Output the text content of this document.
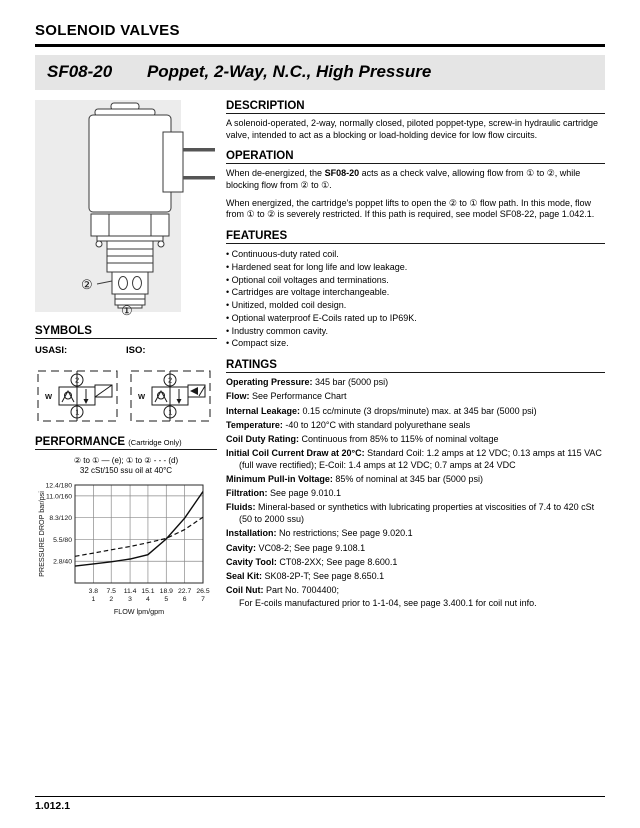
SOLENOID VALVES
SF08-20 Poppet, 2-Way, N.C., High Pressure
②
①
SYMBOLS
USASI:	ISO:
W
2
1
W
2
1
PERFORMANCE (Cartridge Only)
② to ① — (e); ① to ② - - - (d)
32 cSt/150 ssu oil at 40°C
12.4/180
11.0/160
8.3/120
5.5/80
2.8/40
3.8
1
7.5
2
11.4
3
15.1
4
18.9
5
22.7
6
26.5
7
PRESSURE DROP bar/psi
FLOW lpm/gpm
DESCRIPTION

A solenoid-operated, 2-way, normally closed, piloted poppet-type, screw-in hydraulic cartridge valve, intended to act as a blocking or load-holding device for low flow circuits.

OPERATION

When de-energized, the SF08-20 acts as a check valve, allowing flow from ① to ②, while blocking flow from ② to ①.

When energized, the cartridge's poppet lifts to open the ② to ① flow path. In this mode, flow from ① to ② is severely restricted. If this path is required, see model SF08-22, page 1.042.1.

FEATURES
• Continuous-duty rated coil.
• Hardened seat for long life and low leakage.
• Optional coil voltages and terminations.
• Cartridges are voltage interchangeable.
• Unitized, molded coil design.
• Optional waterproof E-Coils rated up to IP69K.
• Industry common cavity.
• Compact size.
RATINGS
Operating Pressure: 345 bar (5000 psi)
Flow: See Performance Chart
Internal Leakage: 0.15 cc/minute (3 drops/minute) max. at 345 bar (5000 psi)
Temperature: -40 to 120°C with standard polyurethane seals
Coil Duty Rating: Continuous from 85% to 115% of nominal voltage
Initial Coil Current Draw at 20°C: Standard Coil: 1.2 amps at 12 VDC; 0.13 amps at 115 VAC (full wave rectified); E-Coil: 1.4 amps at 12 VDC; 0.7 amps at 24 VDC
Minimum Pull-in Voltage: 85% of nominal at 345 bar (5000 psi)
Filtration: See page 9.010.1
Fluids: Mineral-based or synthetics with lubricating properties at viscosities of 7.4 to 420 cSt (50 to 2000 ssu)
Installation: No restrictions; See page 9.020.1
Cavity: VC08-2; See page 9.108.1
Cavity Tool: CT08-2XX; See page 8.600.1
Seal Kit: SK08-2P-T; See page 8.650.1
Coil Nut: Part No. 7004400;
For E-coils manufactured prior to 1-1-04, see page 3.400.1 for coil nut info.
1.012.1
